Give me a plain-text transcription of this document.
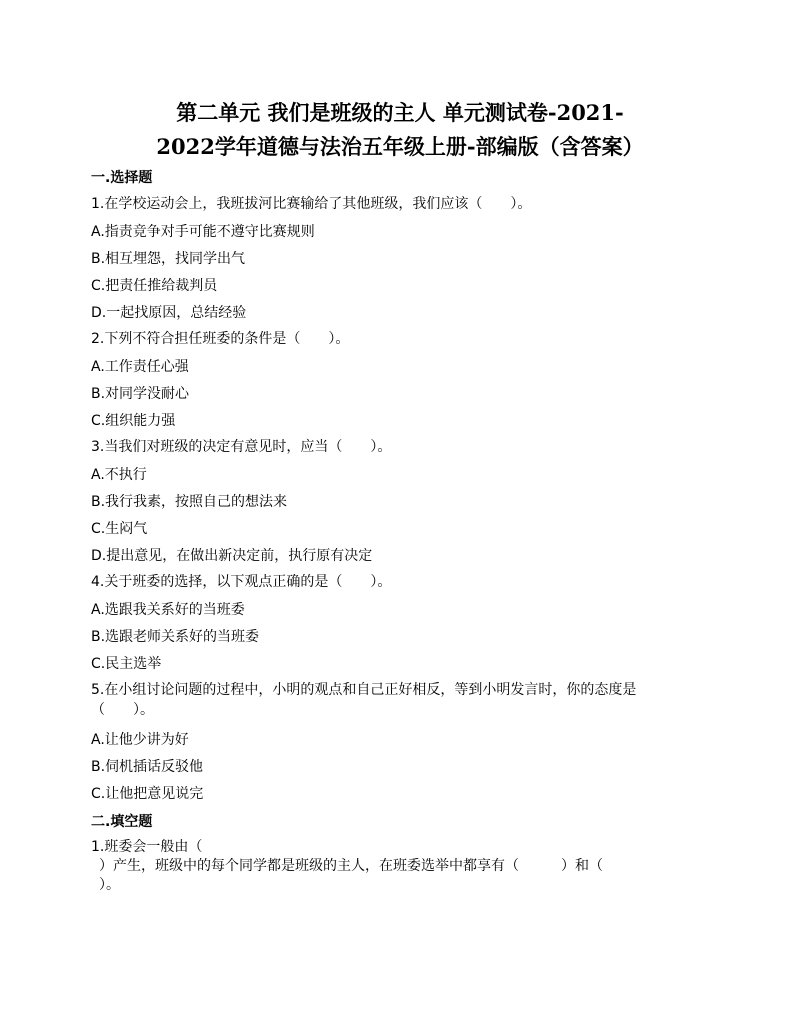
第二单元 我们是班级的主人 单元测试卷-2021-
2022学年道德与法治五年级上册-部编版（含答案）
一.选择题
1.在学校运动会上，我班拔河比赛输给了其他班级，我们应该（　　）。
A.指责竞争对手可能不遵守比赛规则
B.相互埋怨，找同学出气
C.把责任推给裁判员
D.一起找原因，总结经验
2.下列不符合担任班委的条件是（　　）。
A.工作责任心强
B.对同学没耐心
C.组织能力强
3.当我们对班级的决定有意见时，应当（　　）。
A.不执行
B.我行我素，按照自己的想法来
C.生闷气
D.提出意见，在做出新决定前，执行原有决定
4.关于班委的选择，以下观点正确的是（　　）。
A.选跟我关系好的当班委
B.选跟老师关系好的当班委
C.民主选举
5.在小组讨论问题的过程中，小明的观点和自己正好相反，等到小明发言时，你的态度是
（　　）。
A.让他少讲为好
B.伺机插话反驳他
C.让他把意见说完
二.填空题
1.班委会一般由（
）产生，班级中的每个同学都是班级的主人，在班委选举中都享有（　　　）和（
）。
